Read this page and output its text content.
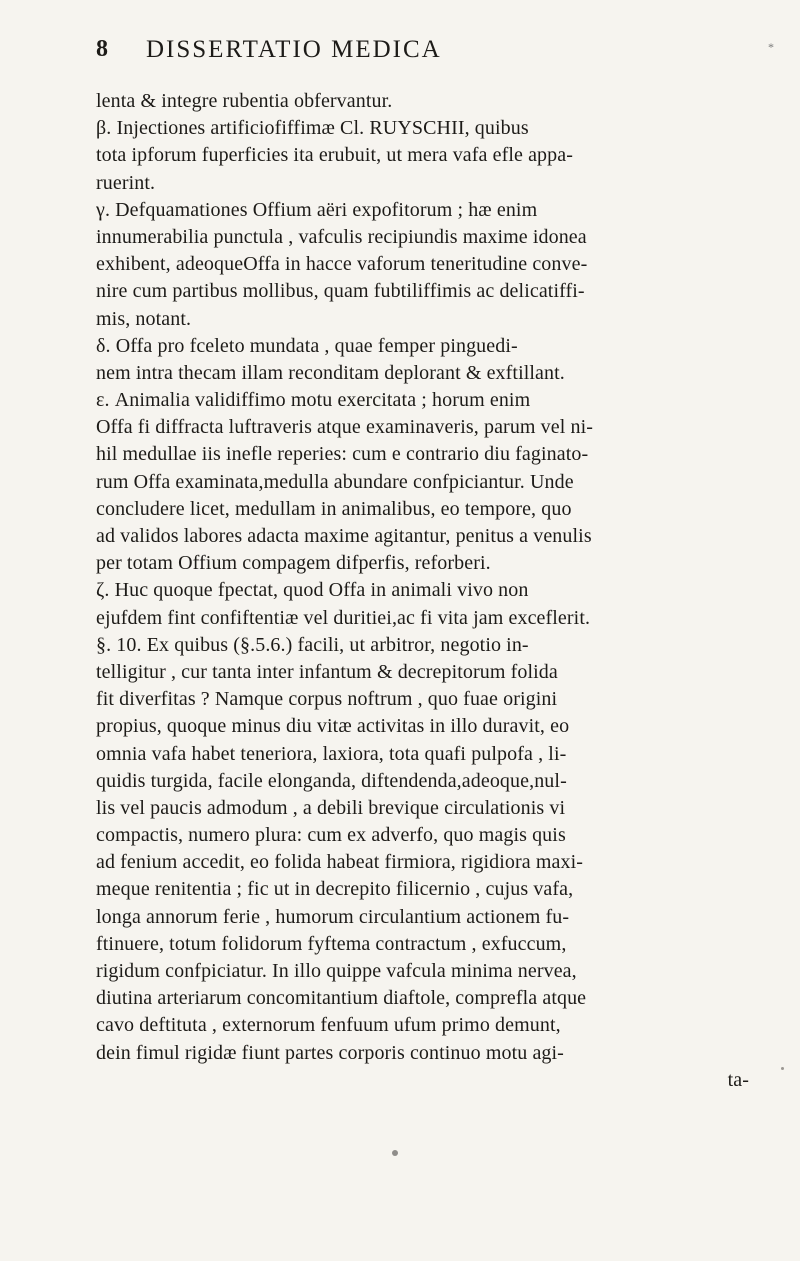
8 DISSERTATIO MEDICA	*
lenta & integre rubentia obfervantur.
β. Injectiones artificiofiffimæ Cl. RUYSCHII, quibus
tota ipforum fuperficies ita erubuit, ut mera vafa efle appa-
ruerint.
γ. Defquamationes Offium aëri expofitorum ; hæ enim
innumerabilia punctula , vafculis recipiundis maxime idonea
exhibent, adeoqueOffa in hacce vaforum teneritudine conve-
nire cum partibus mollibus, quam fubtiliffimis ac delicatiffi-
mis, notant.
δ. Offa pro fceleto mundata , quae femper pinguedi-
nem intra thecam illam reconditam deplorant & exftillant.
ε. Animalia validiffimo motu exercitata ; horum enim
Offa fi diffracta luftraveris atque examinaveris, parum vel ni-
hil medullae iis inefle reperies: cum e contrario diu faginato-
rum Offa examinata,medulla abundare confpiciantur. Unde
concludere licet, medullam in animalibus, eo tempore, quo
ad validos labores adacta maxime agitantur, penitus a venulis
per totam Offium compagem difperfis, reforberi.
ζ. Huc quoque fpectat, quod Offa in animali vivo non
ejufdem fint confiftentiæ vel duritiei,ac fi vita jam exceflerit.
§. 10. Ex quibus (§.5.6.) facili, ut arbitror, negotio in-
telligitur , cur tanta inter infantum & decrepitorum folida
fit diverfitas ? Namque corpus noftrum , quo fuae origini
propius, quoque minus diu vitæ activitas in illo duravit, eo
omnia vafa habet teneriora, laxiora, tota quafi pulpofa , li-
quidis turgida, facile elonganda, diftendenda,adeoque,nul-
lis vel paucis admodum , a debili brevique circulationis vi
compactis, numero plura: cum ex adverfo, quo magis quis
ad fenium accedit, eo folida habeat firmiora, rigidiora maxi-
meque renitentia ; fic ut in decrepito filicernio , cujus vafa,
longa annorum ferie , humorum circulantium actionem fu-
ftinuere, totum folidorum fyftema contractum , exfuccum,
rigidum confpiciatur. In illo quippe vafcula minima nervea,
diutina arteriarum concomitantium diaftole, comprefla atque
cavo deftituta , externorum fenfuum ufum primo demunt,
dein fimul rigidæ fiunt partes corporis continuo motu agi-
ta-
